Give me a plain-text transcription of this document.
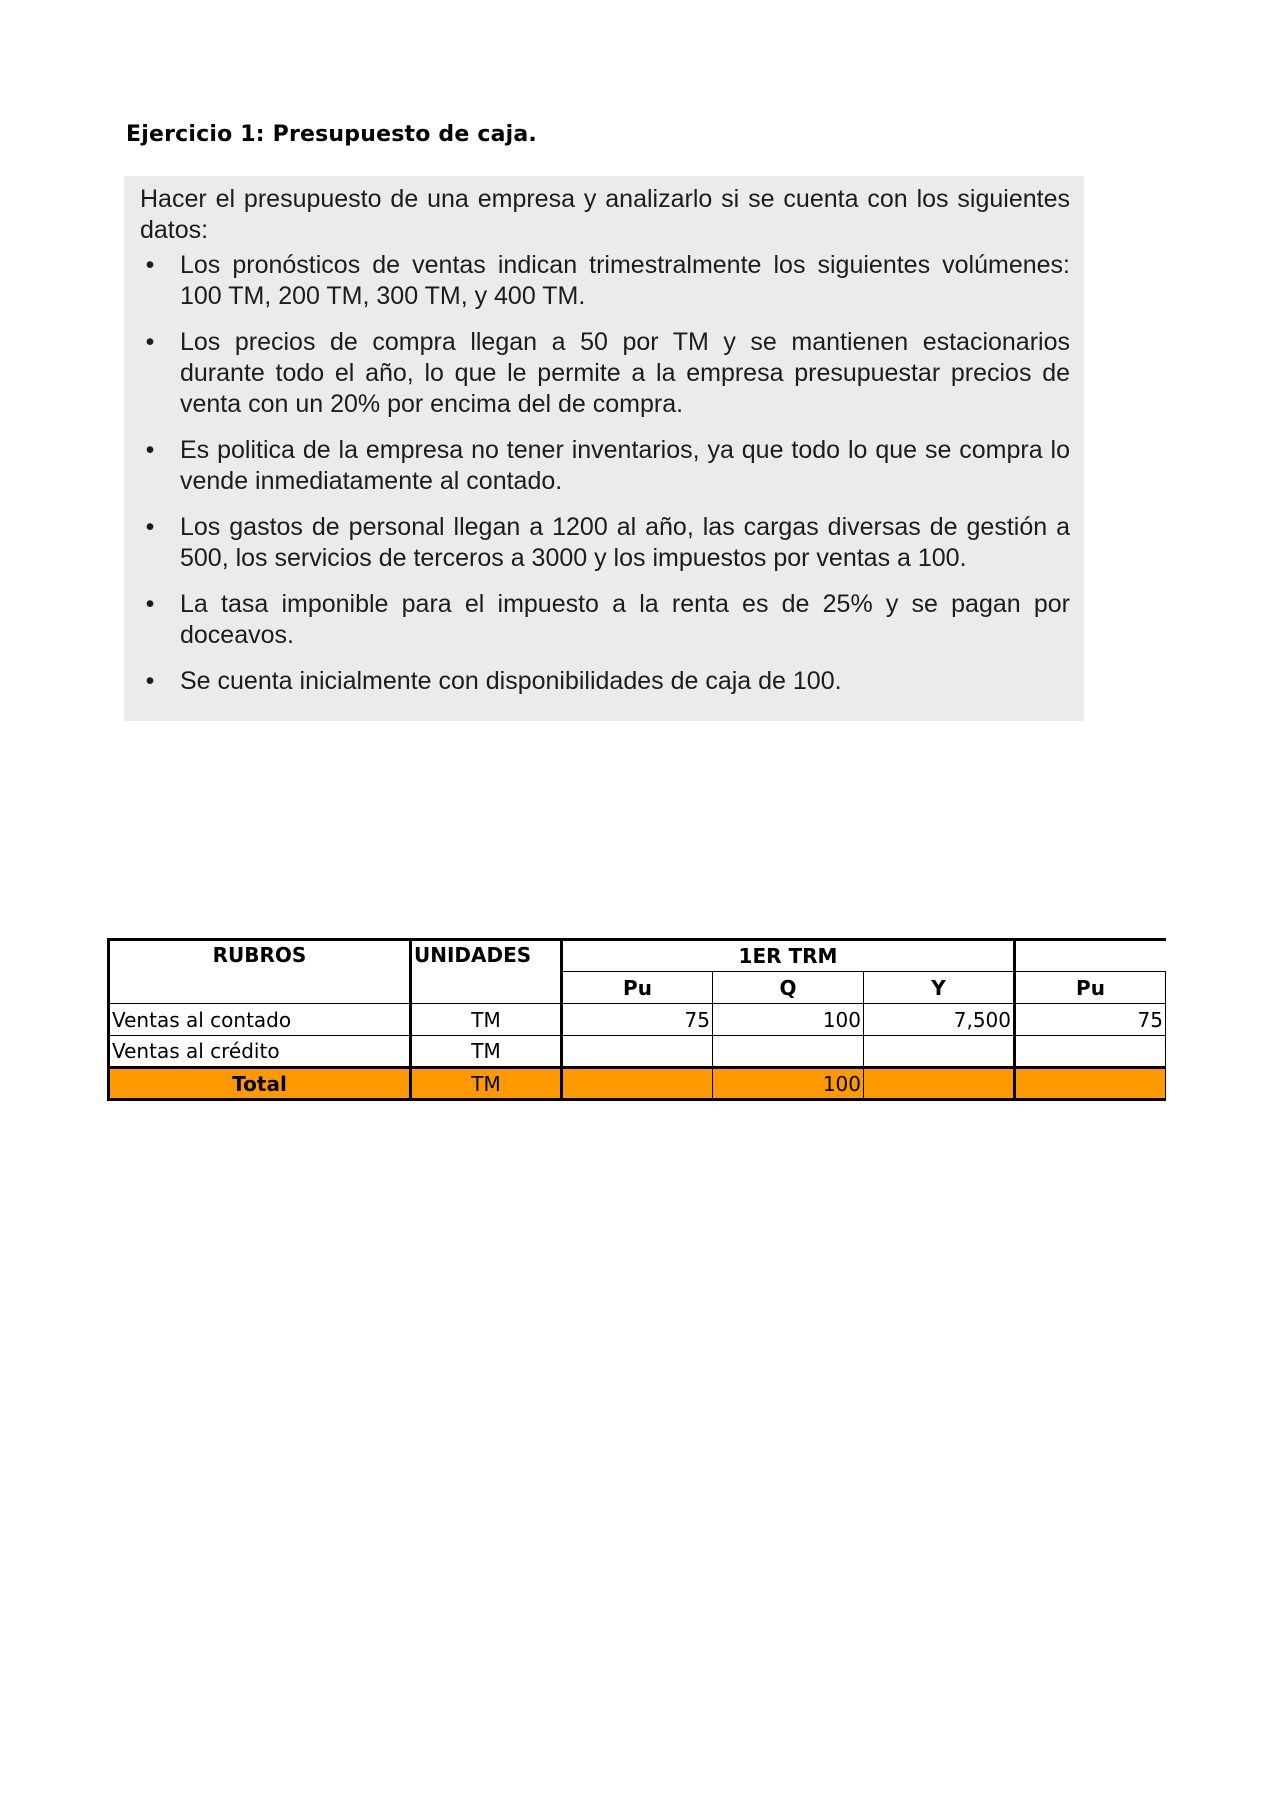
Ejercicio 1: Presupuesto de caja.

Hacer el presupuesto de una empresa y analizarlo si se cuenta con los siguientes datos:

• Los pronósticos de ventas indican trimestralmente los siguientes volúmenes: 100 TM, 200 TM, 300 TM, y 400 TM.
• Los precios de compra llegan a 50 por TM y se mantienen estacionarios durante todo el año, lo que le permite a la empresa presupuestar precios de venta con un 20% por encima del de compra.
• Es politica de la empresa no tener inventarios, ya que todo lo que se compra lo vende inmediatamente al contado.
• Los gastos de personal llegan a 1200 al año, las cargas diversas de gestión a 500, los servicios de terceros a 3000 y los impuestos por ventas a 100.
• La tasa imponible para el impuesto a la renta es de 25% y se pagan por doceavos.
• Se cuenta inicialmente con disponibilidades de caja de 100.
RUBROS	UNIDADES	1ER TRM			
		Pu	Q	Y	Pu
Ventas al contado	TM	75	100	7,500	75
Ventas al crédito	TM				
Total	TM		100		
